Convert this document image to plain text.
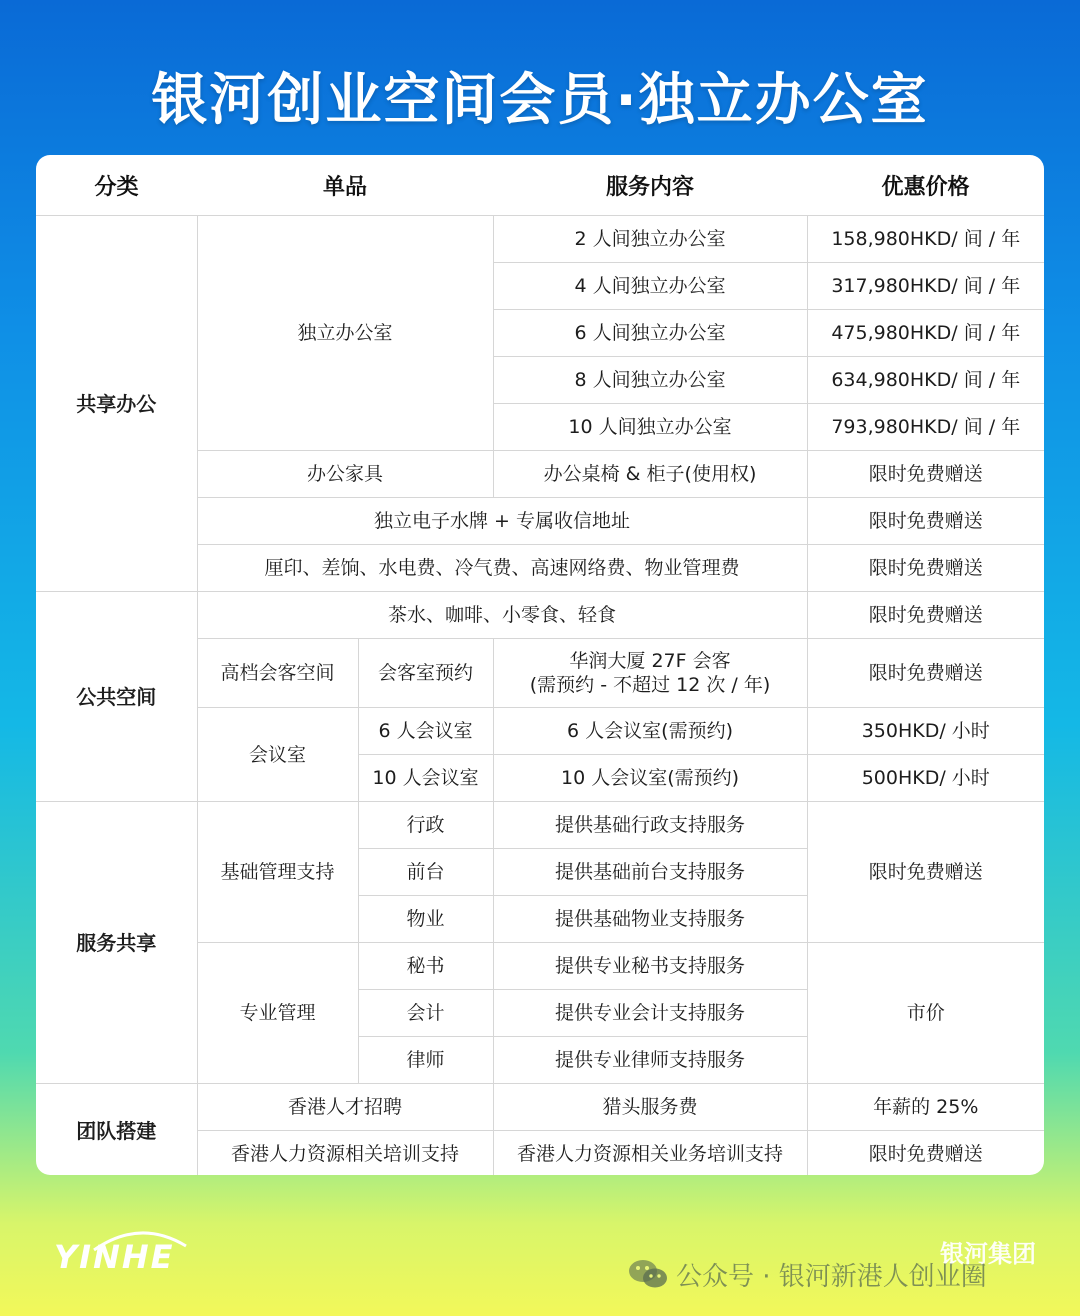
银河创业空间会员·独立办公室
分类	单品		服务内容	优惠价格
共享办公	独立办公室		2 人间独立办公室	158,980HKD/ 间 / 年
			4 人间独立办公室	317,980HKD/ 间 / 年
			6 人间独立办公室	475,980HKD/ 间 / 年
			8 人间独立办公室	634,980HKD/ 间 / 年
			10 人间独立办公室	793,980HKD/ 间 / 年
	办公家具		办公桌椅 & 柜子(使用权)	限时免费赠送
	独立电子水牌 + 专属收信地址			限时免费赠送
	厘印、差饷、水电费、冷气费、高速网络费、物业管理费			限时免费赠送
公共空间	茶水、咖啡、小零食、轻食			限时免费赠送
	高档会客空间	会客室预约	华润大厦 27F 会客
(需预约 - 不超过 12 次 / 年)	限时免费赠送
	会议室	6 人会议室	6 人会议室(需预约)	350HKD/ 小时
		10 人会议室	10 人会议室(需预约)	500HKD/ 小时
服务共享	基础管理支持	行政	提供基础行政支持服务	限时免费赠送
		前台	提供基础前台支持服务	
		物业	提供基础物业支持服务	
	专业管理	秘书	提供专业秘书支持服务	市价
		会计	提供专业会计支持服务	
		律师	提供专业律师支持服务	
团队搭建	香港人才招聘		猎头服务费	年薪的 25%
	香港人力资源相关培训支持		香港人力资源相关业务培训支持	限时免费赠送
YINHE	银河集团
公众号 · 银河新港人创业圈
